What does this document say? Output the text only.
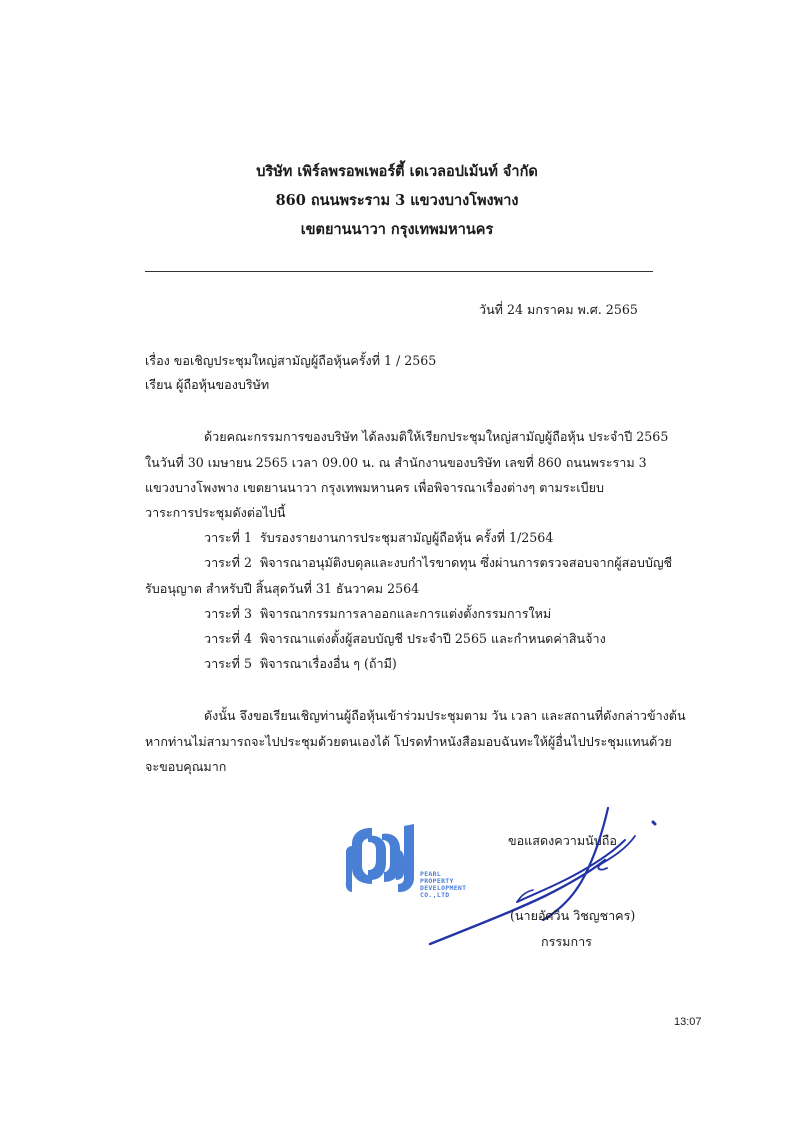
บริษัท เพิร์ลพรอพเพอร์ตี้ เดเวลอปเม้นท์ จำกัด
860 ถนนพระราม 3 แขวงบางโพงพาง
เขตยานนาวา กรุงเทพมหานคร
วันที่ 24 มกราคม พ.ศ. 2565
เรื่อง ขอเชิญประชุมใหญ่สามัญผู้ถือหุ้นครั้งที่ 1 / 2565
เรียน ผู้ถือหุ้นของบริษัท
ด้วยคณะกรรมการของบริษัท ได้ลงมติให้เรียกประชุมใหญ่สามัญผู้ถือหุ้น ประจำปี 2565
ในวันที่ 30 เมษายน 2565 เวลา 09.00 น. ณ สำนักงานของบริษัท เลขที่ 860 ถนนพระราม 3
แขวงบางโพงพาง เขตยานนาวา กรุงเทพมหานคร เพื่อพิจารณาเรื่องต่างๆ ตามระเบียบ
วาระการประชุมดังต่อไปนี้
วาระที่ 1 รับรองรายงานการประชุมสามัญผู้ถือหุ้น ครั้งที่ 1/2564
วาระที่ 2 พิจารณาอนุมัติงบดุลและงบกำไรขาดทุน ซึ่งผ่านการตรวจสอบจากผู้สอบบัญชี
รับอนุญาต สำหรับปี สิ้นสุดวันที่ 31 ธันวาคม 2564
วาระที่ 3 พิจารณากรรมการลาออกและการแต่งตั้งกรรมการใหม่
วาระที่ 4 พิจารณาแต่งตั้งผู้สอบบัญชี ประจำปี 2565 และกำหนดค่าสินจ้าง
วาระที่ 5 พิจารณาเรื่องอื่น ๆ (ถ้ามี)
ดังนั้น จึงขอเรียนเชิญท่านผู้ถือหุ้นเข้าร่วมประชุมตาม วัน เวลา และสถานที่ดังกล่าวข้างต้น
หากท่านไม่สามารถจะไปประชุมด้วยตนเองได้ โปรดทำหนังสือมอบฉันทะให้ผู้อื่นไปประชุมแทนด้วย
จะขอบคุณมาก
ขอแสดงความนับถือ
PEARL
PROPERTY
DEVELOPMENT
CO.,LTD
(นายอัศวิน วิชญชาคร)
กรรมการ
13:07
